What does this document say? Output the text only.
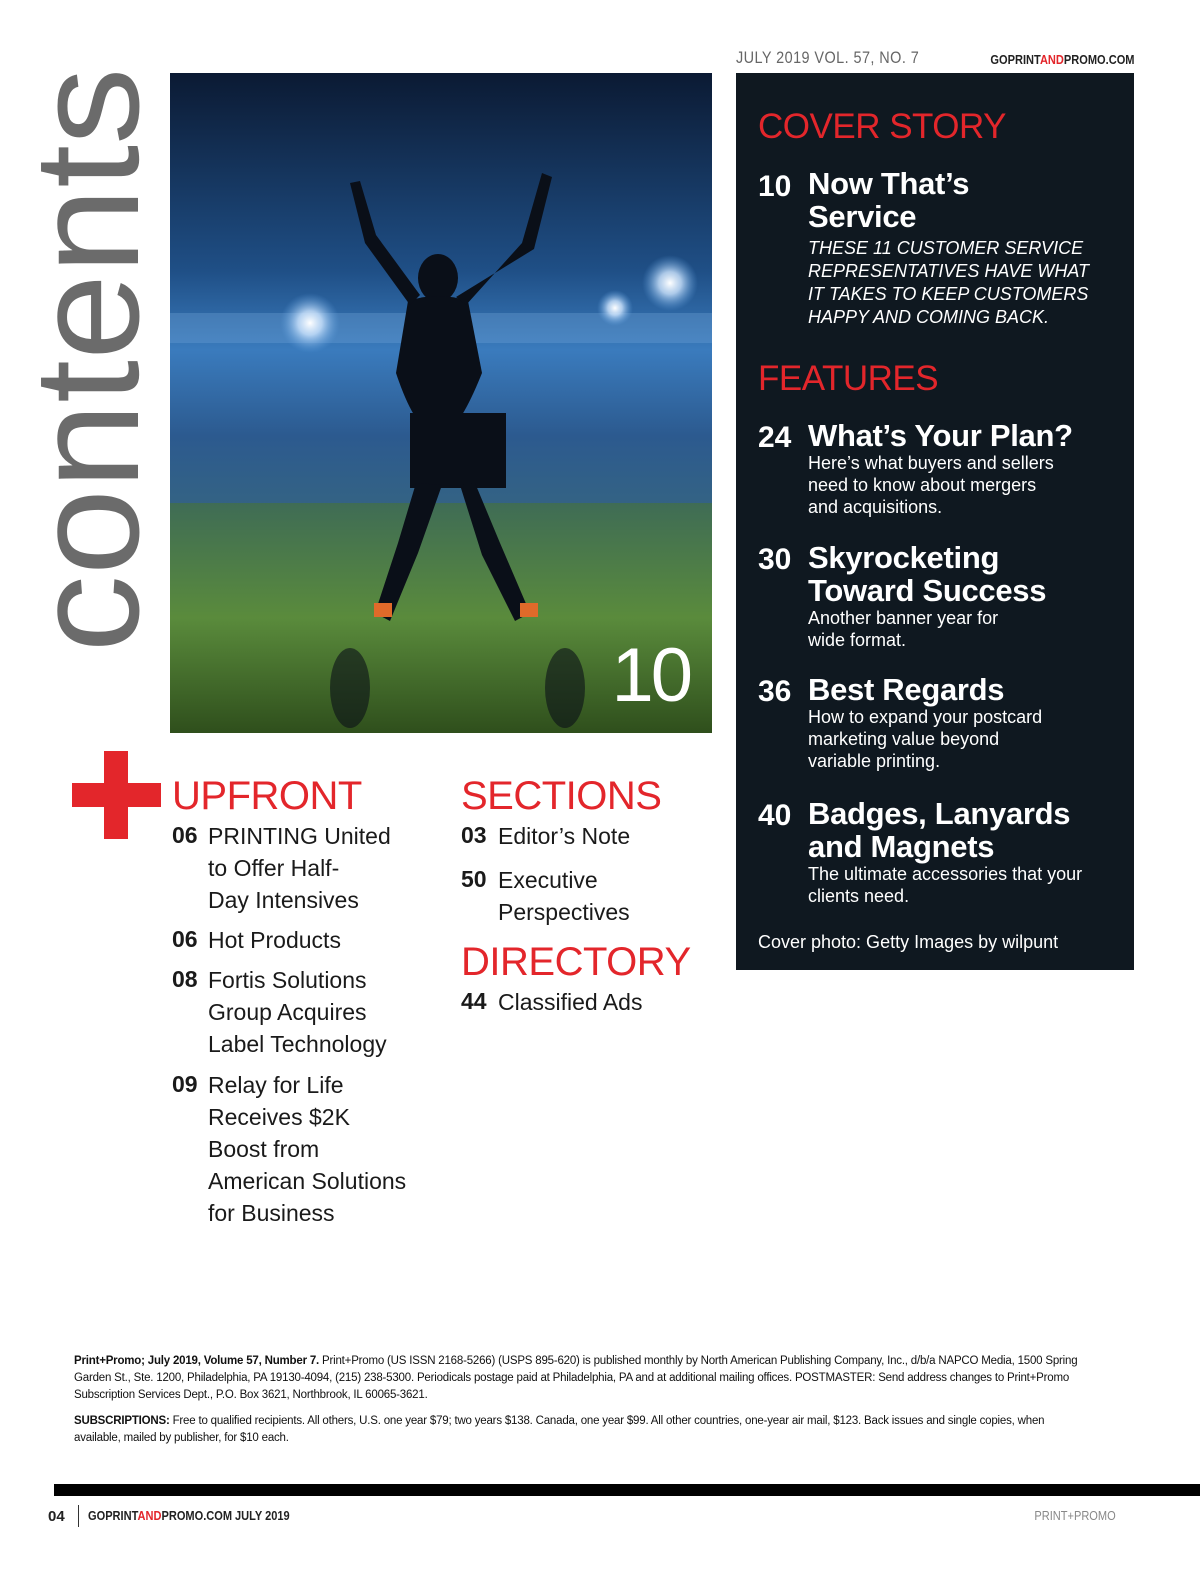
contents
JULY 2019 VOL. 57, NO. 7	GOPRINTANDPROMO.COM
10
COVER STORY
10 Now That’s
Service
THESE 11 CUSTOMER SERVICE
REPRESENTATIVES HAVE WHAT
IT TAKES TO KEEP CUSTOMERS
HAPPY AND COMING BACK.
FEATURES
24 What’s Your Plan?
Here’s what buyers and sellers
need to know about mergers
and acquisitions.
30 Skyrocketing
Toward Success
Another banner year for
wide format.
36 Best Regards
How to expand your postcard
marketing value beyond
variable printing.
40 Badges, Lanyards
and Magnets
The ultimate accessories that your
clients need.
Cover photo: Getty Images by wilpunt
UPFRONT
06 PRINTING United
to Offer Half-
Day Intensives
06 Hot Products
08 Fortis Solutions
Group Acquires
Label Technology
09 Relay for Life
Receives $2K
Boost from
American Solutions
for Business
SECTIONS
03 Editor’s Note
50 Executive
Perspectives
DIRECTORY
44 Classified Ads
Print+Promo; July 2019, Volume 57, Number 7. Print+Promo (US ISSN 2168-5266) (USPS 895-620) is published monthly by North American Publishing Company, Inc., d/b/a NAPCO Media, 1500 Spring Garden St., Ste. 1200, Philadelphia, PA 19130-4094, (215) 238-5300. Periodicals postage paid at Philadelphia, PA and at additional mailing offices. POSTMASTER: Send address changes to Print+Promo Subscription Services Dept., P.O. Box 3621, Northbrook, IL 60065-3621.
SUBSCRIPTIONS: Free to qualified recipients. All others, U.S. one year $79; two years $138. Canada, one year $99. All other countries, one-year air mail, $123. Back issues and single copies, when available, mailed by publisher, for $10 each.
04 GOPRINTANDPROMO.COM JULY 2019	PRINT+PROMO
